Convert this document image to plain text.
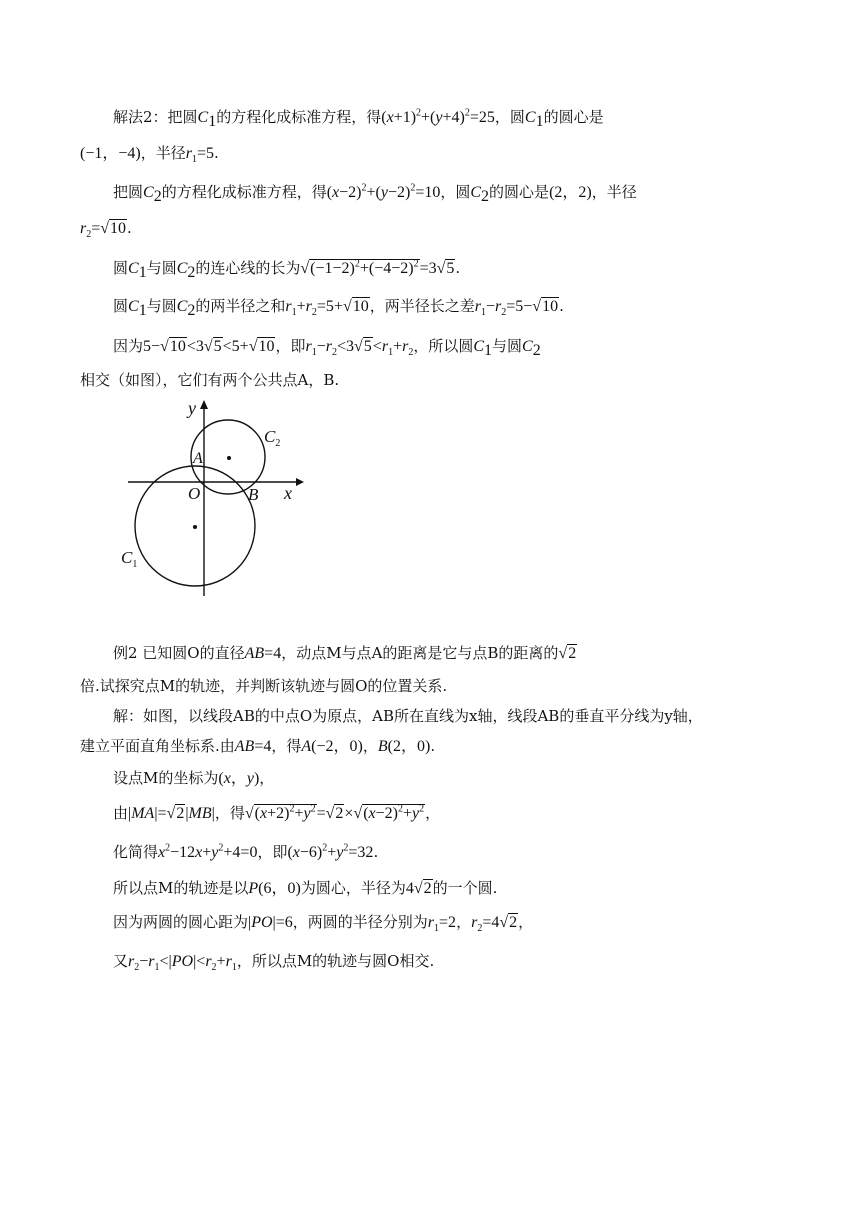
解法2：把圆$C_1$的方程化成标准方程，得$(x+1)^2+(y+4)^2=25$，圆$C_1$的圆心是
(−1，−4)，半径$r_1=5$.
把圆$C_2$的方程化成标准方程，得$(x-2)^2+(y-2)^2=10$，圆$C_2$的圆心是(2，2)，半径
$r_2=√10$.
圆$C_1$与圆$C_2$的连心线的长为$√(-1-2)^2+(-4-2)^2=3√5$.
圆$C_1$与圆$C_2$的两半径之和$r_1+r_2=5+√10$，两半径长之差$r_1-r_2=5-√10$.
因为5−√10<3√5<5+√10，即$r_1-r_2<3√5<r_1+r_2$，所以圆$C_1$与圆$C_2$
相交（如图），它们有两个公共点A，B.
y
x
O
A
B
$C_2$
$C_1$
例2 已知圆O的直径AB=4，动点M与点A的距离是它与点B的距离的√2
倍.试探究点M的轨迹，并判断该轨迹与圆O的位置关系.
解：如图，以线段AB的中点O为原点，AB所在直线为x轴，线段AB的垂直平分线为y轴，
建立平面直角坐标系.由AB=4，得A(−2，0)，B(2，0).
设点M的坐标为(x，y)，
由|MA|=√2|MB|，得$√(x+2)^2+y^2=√2\times√(x-2)^2+y^2$，
化简得$x^2-12x+y^2+4=0$，即$(x-6)^2+y^2=32$.
所以点M的轨迹是以P(6，0)为圆心，半径为4√2的一个圆.
因为两圆的圆心距为|PO|=6，两圆的半径分别为$r_1=2$，$r_2=4√2$，
又$r_2-r_1<|PO|<r_2+r_1$，所以点M的轨迹与圆O相交.
